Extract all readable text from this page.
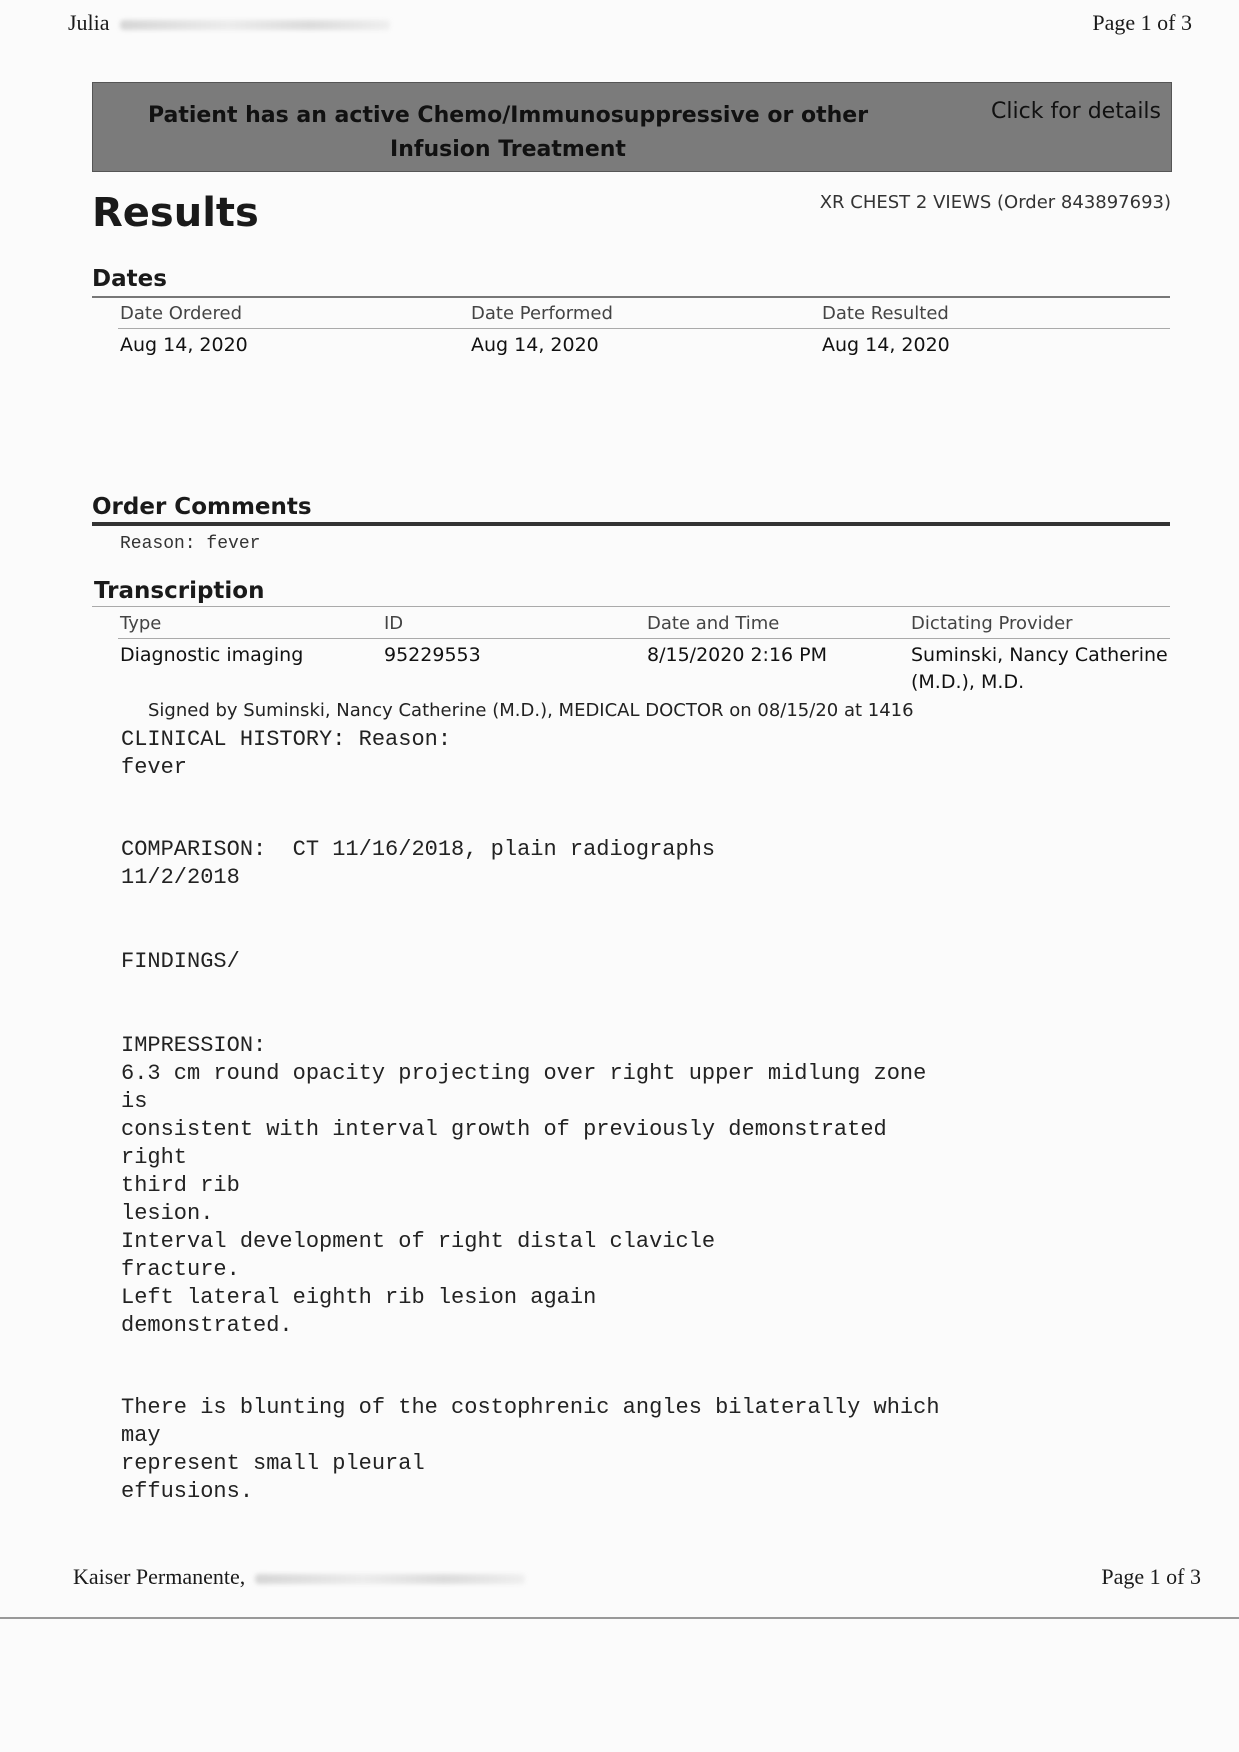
Julia	Page 1 of 3
Patient has an active Chemo/Immunosuppressive or other Infusion Treatment
Click for details
Results	XR CHEST 2 VIEWS (Order 843897693)
Dates
Date Ordered	Date Performed	Date Resulted
Aug 14, 2020	Aug 14, 2020	Aug 14, 2020
Order Comments
Reason: fever
Transcription
Type	ID	Date and Time	Dictating Provider
Diagnostic imaging	95229553	8/15/2020 2:16 PM	Suminski, Nancy Catherine
(M.D.), M.D.
Signed by Suminski, Nancy Catherine (M.D.), MEDICAL DOCTOR on 08/15/20 at 1416
CLINICAL HISTORY: Reason:
fever
COMPARISON:  CT 11/16/2018, plain radiographs
11/2/2018
FINDINGS/
IMPRESSION:
6.3 cm round opacity projecting over right upper midlung zone
is
consistent with interval growth of previously demonstrated
right
third rib
lesion.
Interval development of right distal clavicle
fracture.
Left lateral eighth rib lesion again
demonstrated.
There is blunting of the costophrenic angles bilaterally which
may
represent small pleural
effusions.
Kaiser Permanente,	Page 1 of 3
